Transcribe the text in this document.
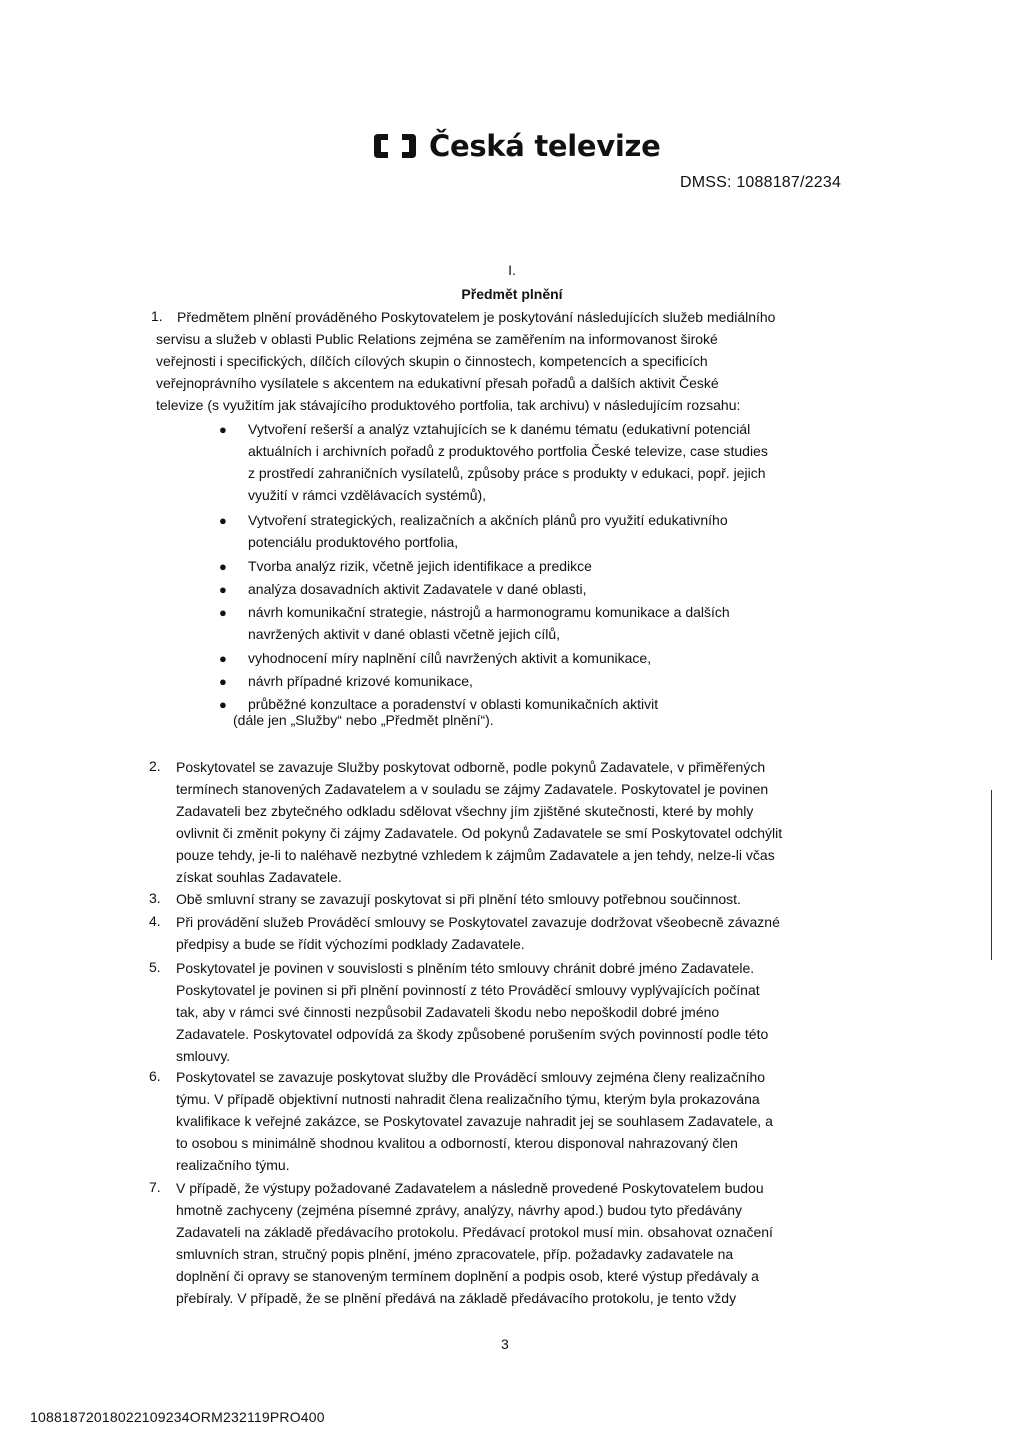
Česká televize
DMSS: 1088187/2234
I.
Předmět plnění
1. Předmětem plnění prováděného Poskytovatelem je poskytování následujících služeb mediálního
servisu a služeb v oblasti Public Relations zejména se zaměřením na informovanost široké
veřejnosti i specifických, dílčích cílových skupin o činnostech, kompetencích a specificích
veřejnoprávního vysílatele s akcentem na edukativní přesah pořadů a dalších aktivit České
televize (s využitím jak stávajícího produktového portfolia, tak archivu) v následujícím rozsahu:
● Vytvoření rešerší a analýz vztahujících se k danému tématu (edukativní potenciál
aktuálních i archivních pořadů z produktového portfolia České televize, case studies
z prostředí zahraničních vysílatelů, způsoby práce s produkty v edukaci, popř. jejich
využití v rámci vzdělávacích systémů),
● Vytvoření strategických, realizačních a akčních plánů pro využití edukativního
potenciálu produktového portfolia,
● Tvorba analýz rizik, včetně jejich identifikace a predikce
● analýza dosavadních aktivit Zadavatele v dané oblasti,
● návrh komunikační strategie, nástrojů a harmonogramu komunikace a dalších
navržených aktivit v dané oblasti včetně jejich cílů,
● vyhodnocení míry naplnění cílů navržených aktivit a komunikace,
● návrh případné krizové komunikace,
● průběžné konzultace a poradenství v oblasti komunikačních aktivit
(dále jen „Služby“ nebo „Předmět plnění“).
2. Poskytovatel se zavazuje Služby poskytovat odborně, podle pokynů Zadavatele, v přiměřených
termínech stanovených Zadavatelem a v souladu se zájmy Zadavatele. Poskytovatel je povinen
Zadavateli bez zbytečného odkladu sdělovat všechny jím zjištěné skutečnosti, které by mohly
ovlivnit či změnit pokyny či zájmy Zadavatele. Od pokynů Zadavatele se smí Poskytovatel odchýlit
pouze tehdy, je-li to naléhavě nezbytné vzhledem k zájmům Zadavatele a jen tehdy, nelze-li včas
získat souhlas Zadavatele.
3. Obě smluvní strany se zavazují poskytovat si při plnění této smlouvy potřebnou součinnost.
4. Při provádění služeb Prováděcí smlouvy se Poskytovatel zavazuje dodržovat všeobecně závazné
předpisy a bude se řídit výchozími podklady Zadavatele.
5. Poskytovatel je povinen v souvislosti s plněním této smlouvy chránit dobré jméno Zadavatele.
Poskytovatel je povinen si při plnění povinností z této Prováděcí smlouvy vyplývajících počínat
tak, aby v rámci své činnosti nezpůsobil Zadavateli škodu nebo nepoškodil dobré jméno
Zadavatele. Poskytovatel odpovídá za škody způsobené porušením svých povinností podle této
smlouvy.
6. Poskytovatel se zavazuje poskytovat služby dle Prováděcí smlouvy zejména členy realizačního
týmu. V případě objektivní nutnosti nahradit člena realizačního týmu, kterým byla prokazována
kvalifikace k veřejné zakázce, se Poskytovatel zavazuje nahradit jej se souhlasem Zadavatele, a
to osobou s minimálně shodnou kvalitou a odborností, kterou disponoval nahrazovaný člen
realizačního týmu.
7. V případě, že výstupy požadované Zadavatelem a následně provedené Poskytovatelem budou
hmotně zachyceny (zejména písemné zprávy, analýzy, návrhy apod.) budou tyto předávány
Zadavateli na základě předávacího protokolu. Předávací protokol musí min. obsahovat označení
smluvních stran, stručný popis plnění, jméno zpracovatele, příp. požadavky zadavatele na
doplnění či opravy se stanoveným termínem doplnění a podpis osob, které výstup předávaly a
přebíraly. V případě, že se plnění předává na základě předávacího protokolu, je tento vždy
3
10881872018022109234ORM232119PRO400
